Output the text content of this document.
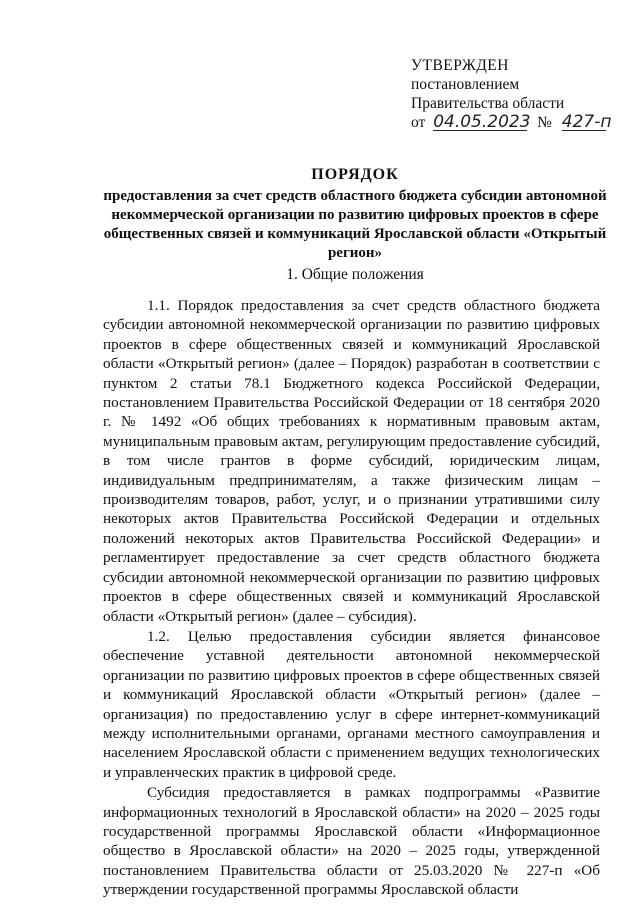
УТВЕРЖДЕН
постановлением
Правительства области
от 04.05.2023 № 427-п
ПОРЯДОК
предоставления за счет средств областного бюджета субсидии автономной некоммерческой организации по развитию цифровых проектов в сфере общественных связей и коммуникаций Ярославской области «Открытый регион»
1. Общие положения

1.1. Порядок предоставления за счет средств областного бюджета субсидии автономной некоммерческой организации по развитию цифровых проектов в сфере общественных связей и коммуникаций Ярославской области «Открытый регион» (далее – Порядок) разработан в соответствии с пунктом 2 статьи 78.1 Бюджетного кодекса Российской Федерации, постановлением Правительства Российской Федерации от 18 сентября 2020 г. № 1492 «Об общих требованиях к нормативным правовым актам, муниципальным правовым актам, регулирующим предоставление субсидий, в том числе грантов в форме субсидий, юридическим лицам, индивидуальным предпринимателям, а также физическим лицам – производителям товаров, работ, услуг, и о признании утратившими силу некоторых актов Правительства Российской Федерации и отдельных положений некоторых актов Правительства Российской Федерации» и регламентирует предоставление за счет средств областного бюджета субсидии автономной некоммерческой организации по развитию цифровых проектов в сфере общественных связей и коммуникаций Ярославской области «Открытый регион» (далее – субсидия).

1.2. Целью предоставления субсидии является финансовое обеспечение уставной деятельности автономной некоммерческой организации по развитию цифровых проектов в сфере общественных связей и коммуникаций Ярославской области «Открытый регион» (далее – организация) по предоставлению услуг в сфере интернет-коммуникаций между исполнительными органами, органами местного самоуправления и населением Ярославской области с применением ведущих технологических и управленческих практик в цифровой среде.

Субсидия предоставляется в рамках подпрограммы «Развитие информационных технологий в Ярославской области» на 2020 – 2025 годы государственной программы Ярославской области «Информационное общество в Ярославской области» на 2020 – 2025 годы, утвержденной постановлением Правительства области от 25.03.2020 № 227-п «Об утверждении государственной программы Ярославской области
